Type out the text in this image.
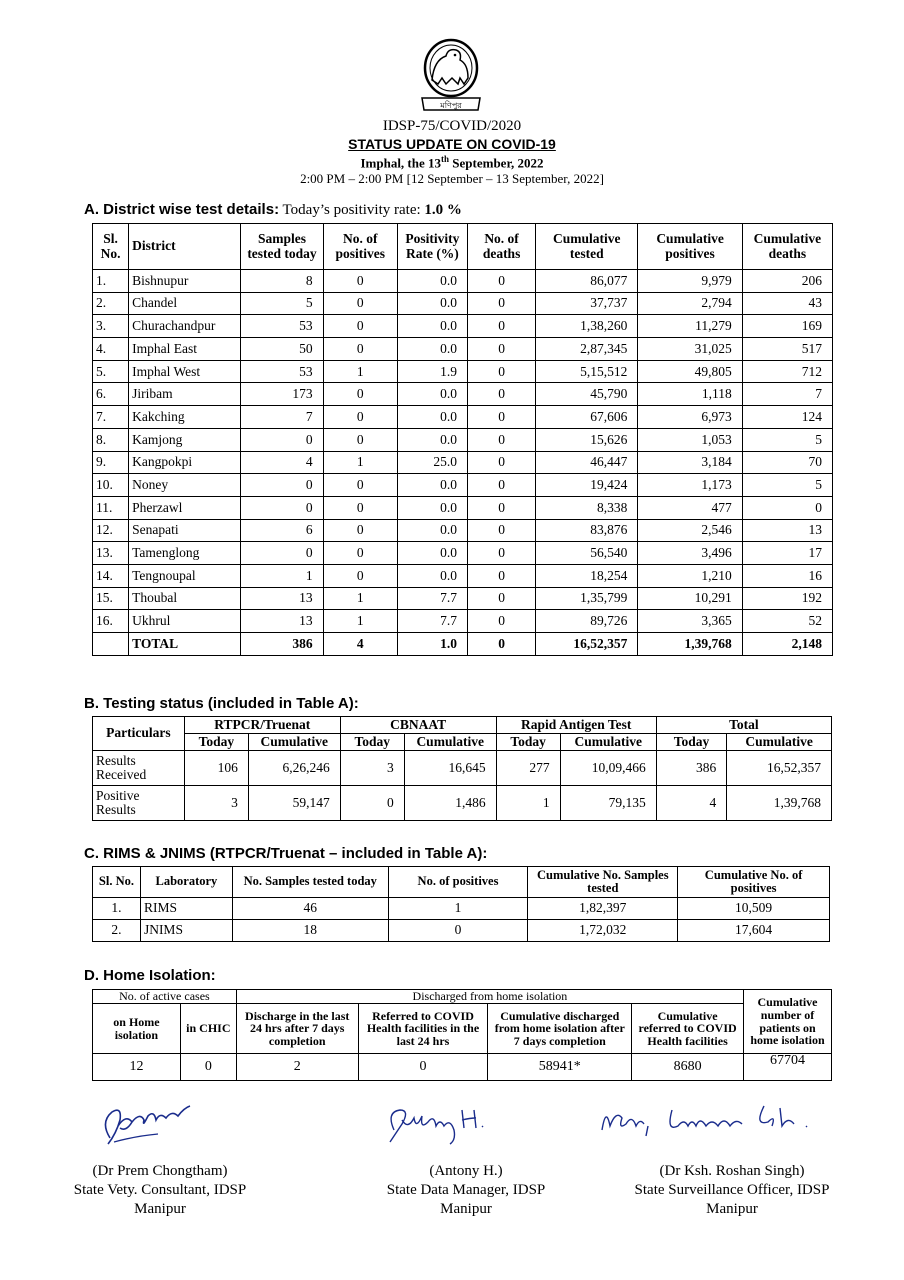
মণিপুর
IDSP-75/COVID/2020
STATUS UPDATE ON COVID-19
Imphal, the 13th September, 2022
2:00 PM – 2:00 PM [12 September – 13 September, 2022]
A. District wise test details: Today’s positivity rate: 1.0 %
Sl. No.	District	Samples tested today	No. of positives	Positivity Rate (%)	No. of deaths	Cumulative tested	Cumulative positives	Cumulative deaths
1.	Bishnupur	8	0	0.0	0	86,077	9,979	206
2.	Chandel	5	0	0.0	0	37,737	2,794	43
3.	Churachandpur	53	0	0.0	0	1,38,260	11,279	169
4.	Imphal East	50	0	0.0	0	2,87,345	31,025	517
5.	Imphal West	53	1	1.9	0	5,15,512	49,805	712
6.	Jiribam	173	0	0.0	0	45,790	1,118	7
7.	Kakching	7	0	0.0	0	67,606	6,973	124
8.	Kamjong	0	0	0.0	0	15,626	1,053	5
9.	Kangpokpi	4	1	25.0	0	46,447	3,184	70
10.	Noney	0	0	0.0	0	19,424	1,173	5
11.	Pherzawl	0	0	0.0	0	8,338	477	0
12.	Senapati	6	0	0.0	0	83,876	2,546	13
13.	Tamenglong	0	0	0.0	0	56,540	3,496	17
14.	Tengnoupal	1	0	0.0	0	18,254	1,210	16
15.	Thoubal	13	1	7.7	0	1,35,799	10,291	192
16.	Ukhrul	13	1	7.7	0	89,726	3,365	52
	TOTAL	386	4	1.0	0	16,52,357	1,39,768	2,148
B. Testing status (included in Table A):
Particulars	RTPCR/Truenat		CBNAAT		Rapid Antigen Test		Total	
	Today	Cumulative	Today	Cumulative	Today	Cumulative	Today	Cumulative
Results Received	106	6,26,246	3	16,645	277	10,09,466	386	16,52,357
Positive Results	3	59,147	0	1,486	1	79,135	4	1,39,768
C. RIMS & JNIMS (RTPCR/Truenat – included in Table A):
Sl. No.	Laboratory	No. Samples tested today	No. of positives	Cumulative No. Samples tested	Cumulative No. of positives
1.	RIMS	46	1	1,82,397	10,509
2.	JNIMS	18	0	1,72,032	17,604
D. Home Isolation:
No. of active cases		Discharged from home isolation				Cumulative number of patients on home isolation
on Home isolation	in CHIC	Discharge in the last 24 hrs after 7 days completion	Referred to COVID Health facilities in the last 24 hrs	Cumulative discharged from home isolation after 7 days completion	Cumulative referred to COVID Health facilities	
12	0	2	0	58941*	8680	67704
(Dr Prem Chongtham)
State Vety. Consultant, IDSP
Manipur
(Antony H.)
State Data Manager, IDSP
Manipur
(Dr Ksh. Roshan Singh)
State Surveillance Officer, IDSP
Manipur
